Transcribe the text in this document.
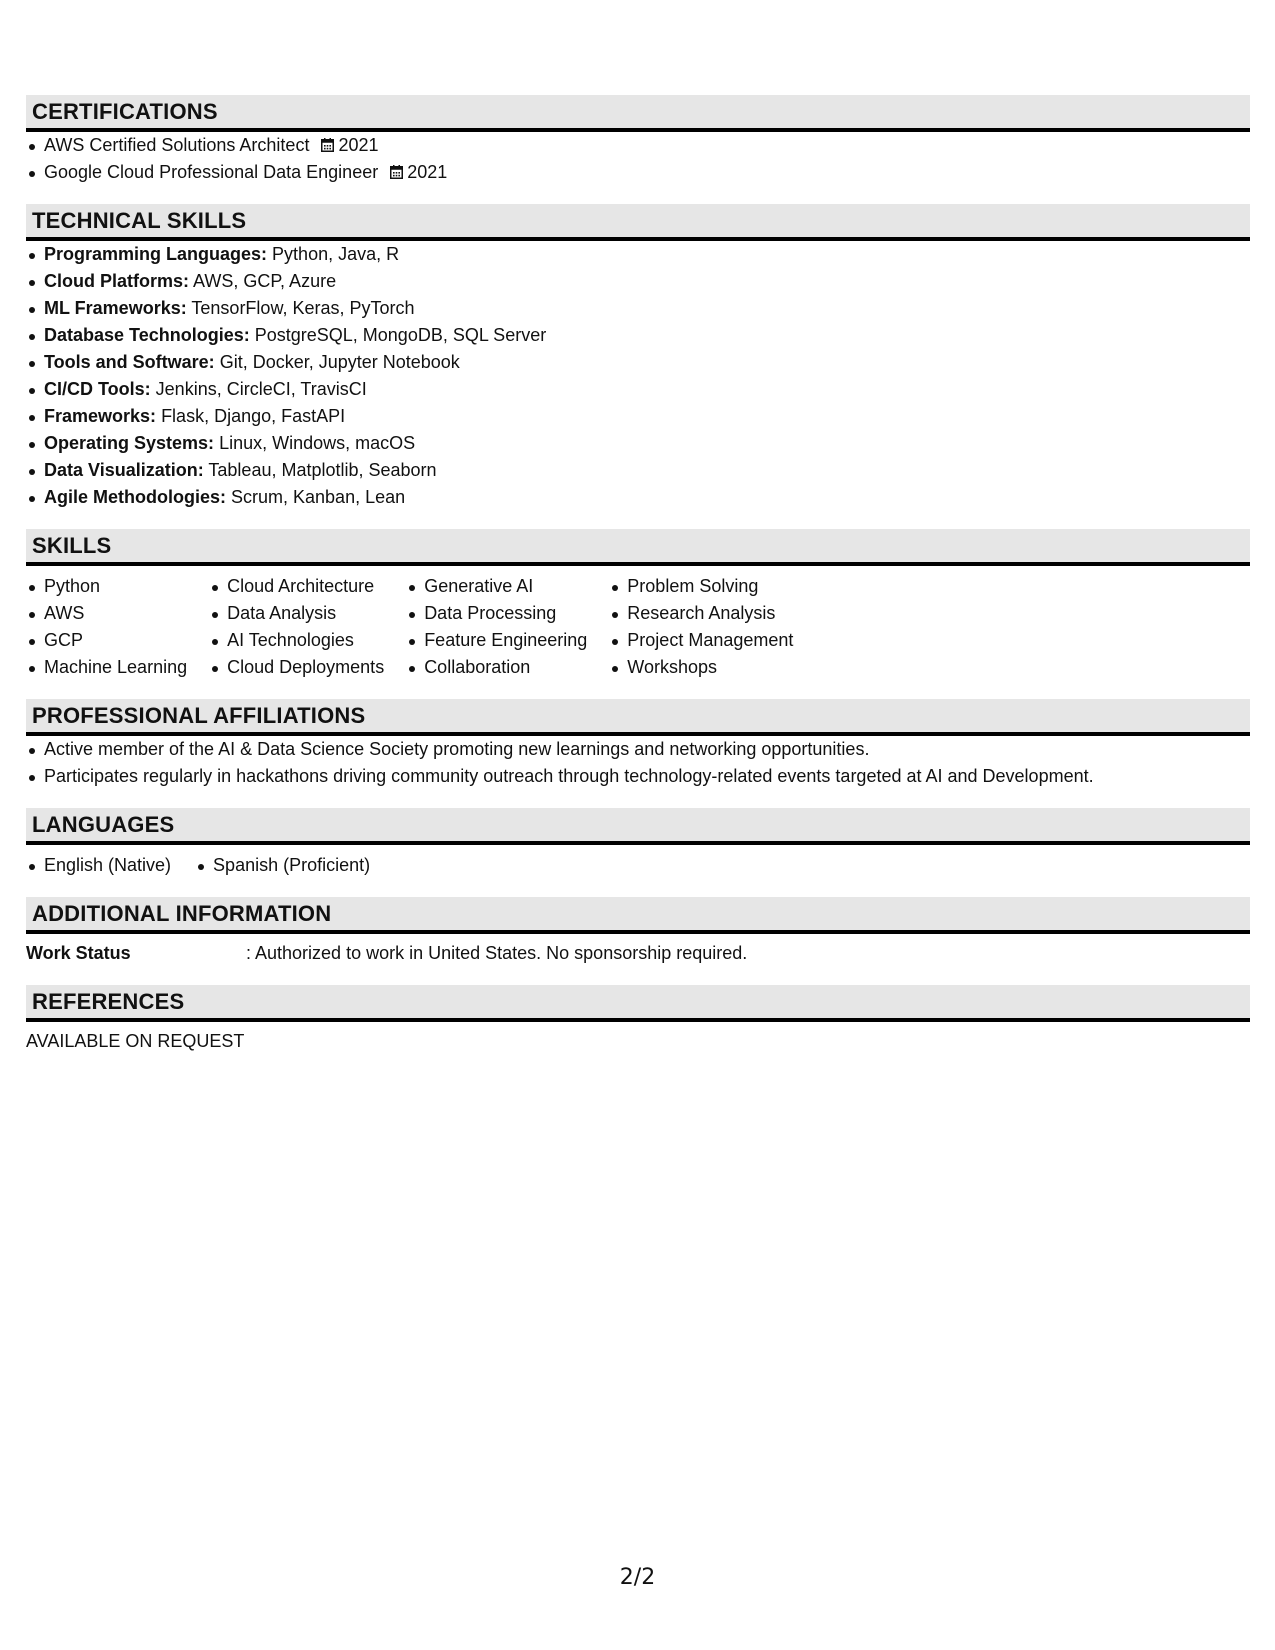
CERTIFICATIONS
AWS Certified Solutions Architect 2021
Google Cloud Professional Data Engineer 2021
TECHNICAL SKILLS
Programming Languages: Python, Java, R
Cloud Platforms: AWS, GCP, Azure
ML Frameworks: TensorFlow, Keras, PyTorch
Database Technologies: PostgreSQL, MongoDB, SQL Server
Tools and Software: Git, Docker, Jupyter Notebook
CI/CD Tools: Jenkins, CircleCI, TravisCI
Frameworks: Flask, Django, FastAPI
Operating Systems: Linux, Windows, macOS
Data Visualization: Tableau, Matplotlib, Seaborn
Agile Methodologies: Scrum, Kanban, Lean
SKILLS
Python
AWS
GCP
Machine Learning
Cloud Architecture
Data Analysis
AI Technologies
Cloud Deployments
Generative AI
Data Processing
Feature Engineering
Collaboration
Problem Solving
Research Analysis
Project Management
Workshops
PROFESSIONAL AFFILIATIONS
Active member of the AI & Data Science Society promoting new learnings and networking opportunities.
Participates regularly in hackathons driving community outreach through technology-related events targeted at AI and Development.
LANGUAGES
English (Native)	Spanish (Proficient)
ADDITIONAL INFORMATION
Work Status	: Authorized to work in United States. No sponsorship required.
REFERENCES
AVAILABLE ON REQUEST
2/2
